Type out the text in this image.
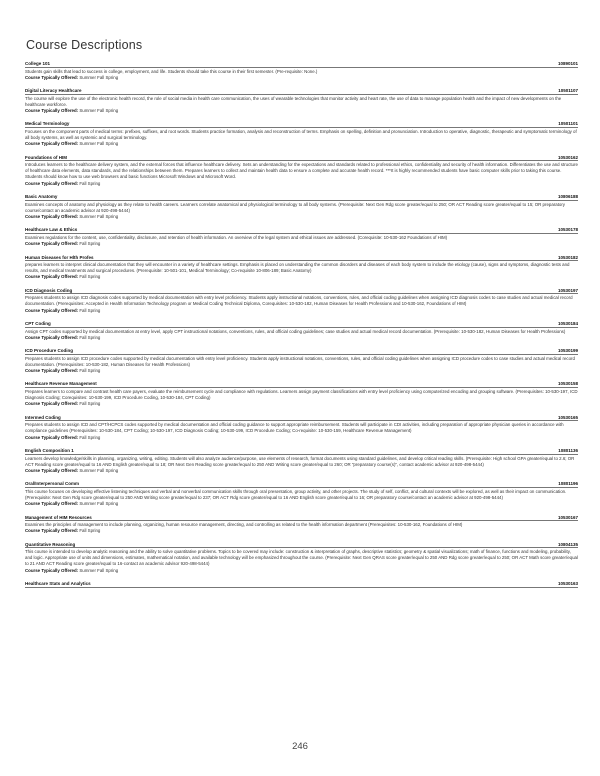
Course Descriptions
College 101	10890101
Students gain skills that lead to success in college, employment, and life. Students should take this course in their first semester. (Pre-requisite: None.)
Course Typically Offered: Summer Fall Spring
Digital Literacy Healthcare	10501107
The course will explore the use of the electronic health record, the role of social media in health care communication, the uses of wearable technologies that monitor activity and heart rate, the use of data to manage population health and the impact of new developments on the healthcare workforce.
Course Typically Offered: Summer Fall Spring
Medical Terminology	10501101
Focuses on the component parts of medical terms: prefixes, suffixes, and root words. Students practice formation, analysis and reconstruction of terms. Emphasis on spelling, definition and pronunciation. Introduction to operative, diagnostic, therapeutic and symptomatic terminology of all body systems, as well as systemic and surgical terminology.
Course Typically Offered: Summer Fall Spring
Foundations of HIM	10530162
Introduces learners to the healthcare delivery system, and the external forces that influence healthcare delivery. Sets an understanding for the expectations and standards related to professional ethics, confidentiality and security of health information. Differentiates the use and structure of healthcare data elements, data standards, and the relationships between them. Prepares learners to collect and maintain health data to ensure a complete and accurate health record. ***It is highly recommended students have basic computer skills prior to taking this course. Students should know how to use web browsers and basic functions Microsoft Windows and Microsoft Word.
Course Typically Offered: Fall Spring
Basic Anatomy	10806188
Examines concepts of anatomy and physiology as they relate to health careers. Learners correlate anatomical and physiological terminology to all body systems. (Prerequisite: Next Gen Rdg score greater/equal to 250; OR ACT Reading score greater/equal to 15; OR preparatory course/contact an academic advisor at 920-498-5444)
Course Typically Offered: Summer Fall Spring
Healthcare Law & Ethics	10530178
Examines regulations for the content, use, confidentiality, disclosure, and retention of health information. An overview of the legal system and ethical issues are addressed. (Corequisite: 10-530-162 Foundations of HIM)
Course Typically Offered: Fall Spring
Human Diseases for Hlth Profes	10530182
prepares learners to interpret clinical documentation that they will encounter in a variety of healthcare settings. Emphasis is placed on understanding the common disorders and diseases of each body system to include the etiology (cause), signs and symptoms, diagnostic tests and results, and medical treatments and surgical procedures. (Prerequisite: 10-501-101, Medical Terminology; Co-requisite 10-806-189; Basic Anatomy)
Course Typically Offered: Fall Spring
ICD Diagnosis Coding	10530197
Prepares students to assign ICD diagnosis codes supported by medical documentation with entry level proficiency. Students apply instructional notations, conventions, rules, and official coding guidelines when assigning ICD diagnosis codes to case studies and actual medical record documentation. (Prerequisites: Accepted in Health Information Technology program or Medical Coding Technical Diploma, Corequisites: 10-530-182, Human Diseases for Health Professions and 10-530-162, Foundations of HIM)
Course Typically Offered: Fall Spring
CPT Coding	10530184
Assign CPT codes supported by medical documentation at entry level, apply CPT instructional notations, conventions, rules, and official coding guidelines; case studies and actual medical record documentation. (Prerequisite: 10-530-182, Human Diseases for Health Professions)
Course Typically Offered: Fall Spring
ICD Procedure Coding	10530199
Prepares students to assign ICD procedure codes supported by medical documentation with entry level proficiency. Students apply instructional notations, conventions, rules, and official coding guidelines when assigning ICD procedure codes to case studies and actual medical record documentation. (Prerequisites: 10-530-182, Human Diseases for Health Professions)
Course Typically Offered: Fall Spring
Healthcare Revenue Management	10530158
Prepares learners to compare and contrast health care payers, evaluate the reimbursement cycle and compliance with regulations. Learners assign payment classifications with entry level proficiency using computerized encoding and grouping software. (Prerequisites: 10-530-197, ICD Diagnosis Coding; Corequisites: 10-530-199, ICD Procedure Coding, 10-530-184, CPT Coding)
Course Typically Offered: Fall Spring
Intermed Coding	10530165
Prepares students to assign ICD and CPT/HCPCS codes supported by medical documentation and official coding guidance to support appropriate reimbursement. Students will participate in CDI activities, including preparation of appropriate physician queries in accordance with compliance guidelines (Prerequisites: 10-530-184, CPT Coding; 10-530-197, ICD Diagnosis Coding; 10-530-199, ICD Procedure Coding; Co-requisite: 10-530-159, Healthcare Revenue Management)
Course Typically Offered: Fall Spring
English Composition 1	10801136
Learners develop knowledge/skills in planning, organizing, writing, editing. Students will also analyze audience/purpose, use elements of research, format documents using standard guidelines, and develop critical reading skills. (Prerequisite: High school GPA greater/equal to 2.6; OR ACT Reading score greater/equal to 16 AND English greater/equal to 18; OR Next Gen Reading score greater/equal to 250 AND Writing score greater/equal to 260; OR "preparatory course(s)", contact academic advisor at 920-498-5444)
Course Typically Offered: Summer Fall Spring
Oral/Interpersonal Comm	10801196
This course focuses on developing effective listening techniques and verbal and nonverbal communication skills through oral presentation, group activity, and other projects. The study of self, conflict, and cultural contexts will be explored, as well as their impact on communication. (Prerequisite: Next Gen Rdg score greater/equal to 250 AND Writing score greater/equal to 237; OR ACT Rdg score greater/equal to 16 AND English score greater/equal to 16; OR preparatory course/contact an academic advisor at 920-498-5444)
Course Typically Offered: Summer Fall Spring
Management of HIM Resources	10530167
Examines the principles of management to include planning, organizing, human resource management, directing, and controlling as related to the health information department (Prerequisites: 10-530-162, Foundations of HIM)
Course Typically Offered: Fall Spring
Quantitative Reasoning	10804135
This course is intended to develop analytic reasoning and the ability to solve quantitative problems. Topics to be covered may include: construction & interpretation of graphs, descriptive statistics; geometry & spatial visualizations; math of finance, functions and modeling, probability, and logic. Appropriate use of units and dimensions, estimates, mathematical notation, and available technology will be emphasized throughout the course. (Prerequisite: Next Gen QRAS score greater/equal to 250 AND Rdg score greater/equal to 250; OR ACT Math score greater/equal to 21 AND ACT Reading score greater/equal to 16-contact an academic advisor 920-498-5444)
Course Typically Offered: Summer Fall Spring
Healthcare Stats and Analytics	10530163
246
